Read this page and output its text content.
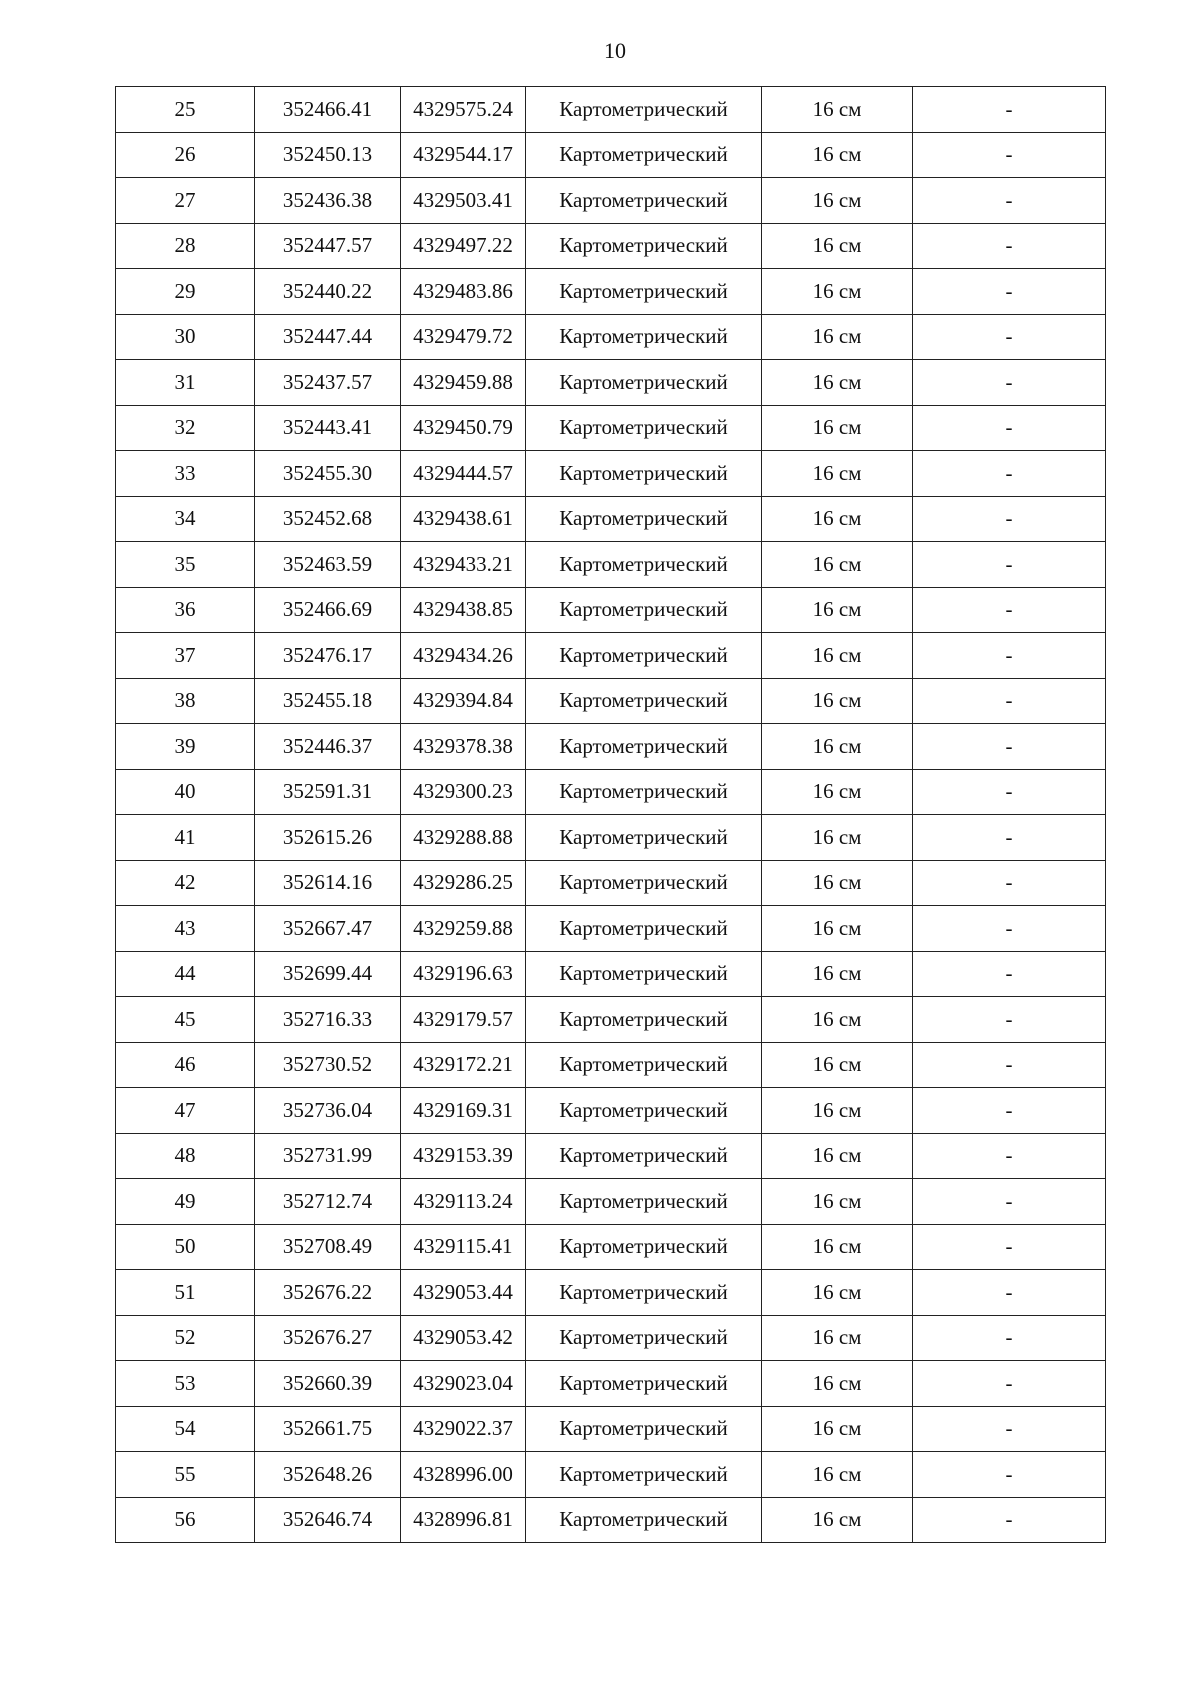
10
25	352466.41	4329575.24	Картометрический	16 см	-
26	352450.13	4329544.17	Картометрический	16 см	-
27	352436.38	4329503.41	Картометрический	16 см	-
28	352447.57	4329497.22	Картометрический	16 см	-
29	352440.22	4329483.86	Картометрический	16 см	-
30	352447.44	4329479.72	Картометрический	16 см	-
31	352437.57	4329459.88	Картометрический	16 см	-
32	352443.41	4329450.79	Картометрический	16 см	-
33	352455.30	4329444.57	Картометрический	16 см	-
34	352452.68	4329438.61	Картометрический	16 см	-
35	352463.59	4329433.21	Картометрический	16 см	-
36	352466.69	4329438.85	Картометрический	16 см	-
37	352476.17	4329434.26	Картометрический	16 см	-
38	352455.18	4329394.84	Картометрический	16 см	-
39	352446.37	4329378.38	Картометрический	16 см	-
40	352591.31	4329300.23	Картометрический	16 см	-
41	352615.26	4329288.88	Картометрический	16 см	-
42	352614.16	4329286.25	Картометрический	16 см	-
43	352667.47	4329259.88	Картометрический	16 см	-
44	352699.44	4329196.63	Картометрический	16 см	-
45	352716.33	4329179.57	Картометрический	16 см	-
46	352730.52	4329172.21	Картометрический	16 см	-
47	352736.04	4329169.31	Картометрический	16 см	-
48	352731.99	4329153.39	Картометрический	16 см	-
49	352712.74	4329113.24	Картометрический	16 см	-
50	352708.49	4329115.41	Картометрический	16 см	-
51	352676.22	4329053.44	Картометрический	16 см	-
52	352676.27	4329053.42	Картометрический	16 см	-
53	352660.39	4329023.04	Картометрический	16 см	-
54	352661.75	4329022.37	Картометрический	16 см	-
55	352648.26	4328996.00	Картометрический	16 см	-
56	352646.74	4328996.81	Картометрический	16 см	-
